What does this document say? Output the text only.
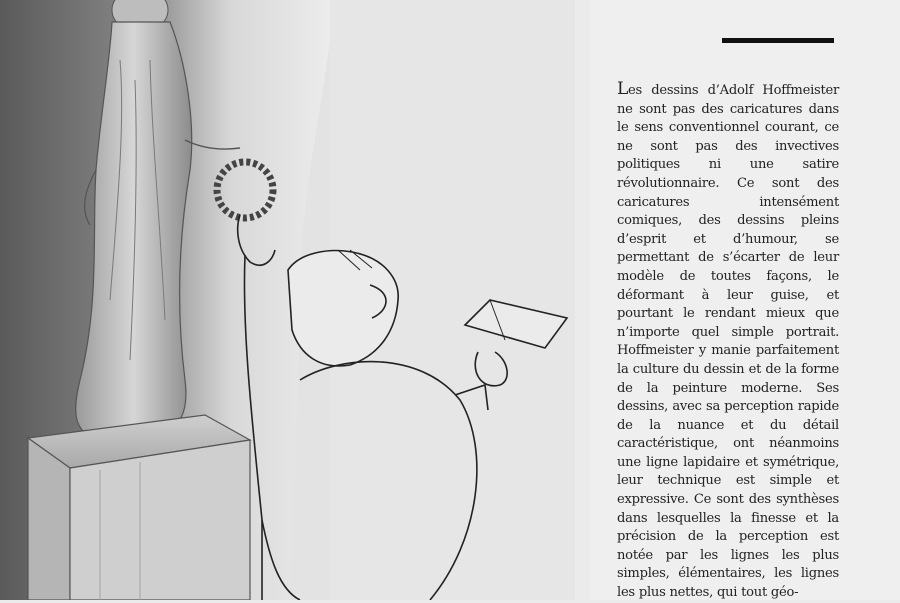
Les dessins d’Adolf Hoffmeister ne sont pas des caricatures dans le sens conventionnel courant, ce ne sont pas des invectives politiques ni une satire révolutionnaire. Ce sont des caricatures intensément comiques, des dessins pleins d’esprit et d’humour, se permettant de s’écarter de leur modèle de toutes façons, le déformant à leur guise, et pourtant le rendant mieux que n’importe quel simple portrait. Hoffmeister y manie parfaitement la culture du dessin et de la forme de la peinture moderne. Ses dessins, avec sa perception rapide de la nuance et du détail caractéristique, ont néanmoins une ligne lapidaire et symétrique, leur technique est simple et expressive. Ce sont des synthèses dans lesquelles la finesse et la précision de la perception est notée par les lignes les plus simples, élémentaires, les lignes les plus nettes, qui tout géo-
